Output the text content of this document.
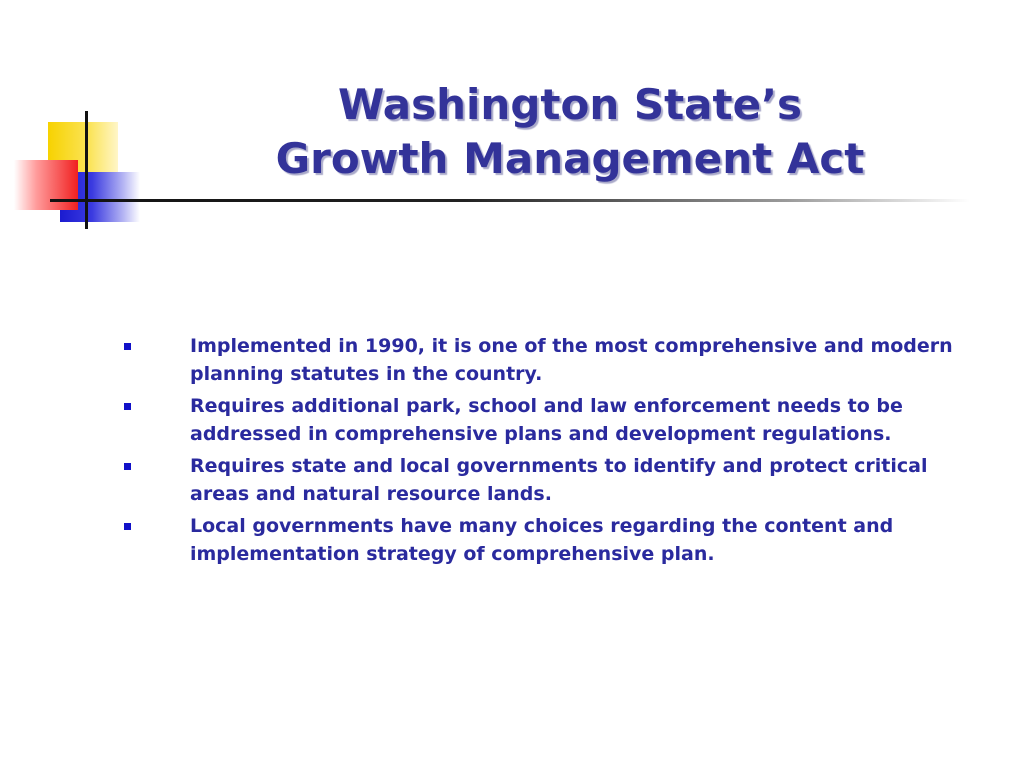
Washington State’s
Growth Management Act
Implemented in 1990, it is one of the most comprehensive and modern planning statutes in the country.
Requires additional park, school and law enforcement needs to be addressed in comprehensive plans and development regulations.
Requires state and local governments to identify and protect critical areas and natural resource lands.
Local governments have many choices regarding the content and implementation strategy of comprehensive plan.
